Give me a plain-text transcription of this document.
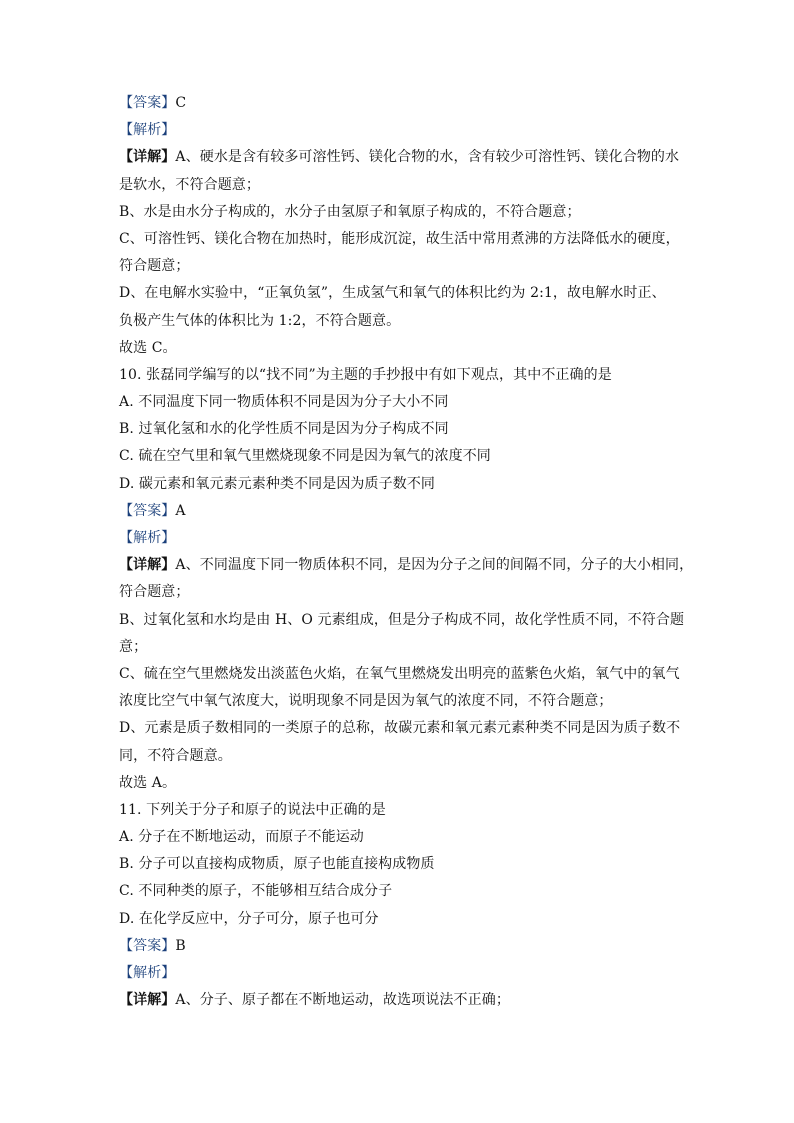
【答案】C
【解析】
【详解】A、硬水是含有较多可溶性钙、镁化合物的水，含有较少可溶性钙、镁化合物的水
是软水，不符合题意；
B、水是由水分子构成的，水分子由氢原子和氧原子构成的，不符合题意；
C、可溶性钙、镁化合物在加热时，能形成沉淀，故生活中常用煮沸的方法降低水的硬度，
符合题意；
D、在电解水实验中，“正氧负氢”，生成氢气和氧气的体积比约为 2:1，故电解水时正、
负极产生气体的体积比为 1:2，不符合题意。
故选 C。
10. 张磊同学编写的以“找不同”为主题的手抄报中有如下观点，其中不正确的是
A. 不同温度下同一物质体积不同是因为分子大小不同
B. 过氧化氢和水的化学性质不同是因为分子构成不同
C. 硫在空气里和氧气里燃烧现象不同是因为氧气的浓度不同
D. 碳元素和氧元素元素种类不同是因为质子数不同
【答案】A
【解析】
【详解】A、不同温度下同一物质体积不同，是因为分子之间的间隔不同，分子的大小相同，
符合题意；
B、过氧化氢和水均是由 H、O 元素组成，但是分子构成不同，故化学性质不同，不符合题
意；
C、硫在空气里燃烧发出淡蓝色火焰，在氧气里燃烧发出明亮的蓝紫色火焰，氧气中的氧气
浓度比空气中氧气浓度大，说明现象不同是因为氧气的浓度不同，不符合题意；
D、元素是质子数相同的一类原子的总称，故碳元素和氧元素元素种类不同是因为质子数不
同，不符合题意。
故选 A。
11. 下列关于分子和原子的说法中正确的是
A. 分子在不断地运动，而原子不能运动
B. 分子可以直接构成物质，原子也能直接构成物质
C. 不同种类的原子，不能够相互结合成分子
D. 在化学反应中，分子可分，原子也可分
【答案】B
【解析】
【详解】A、分子、原子都在不断地运动，故选项说法不正确；
